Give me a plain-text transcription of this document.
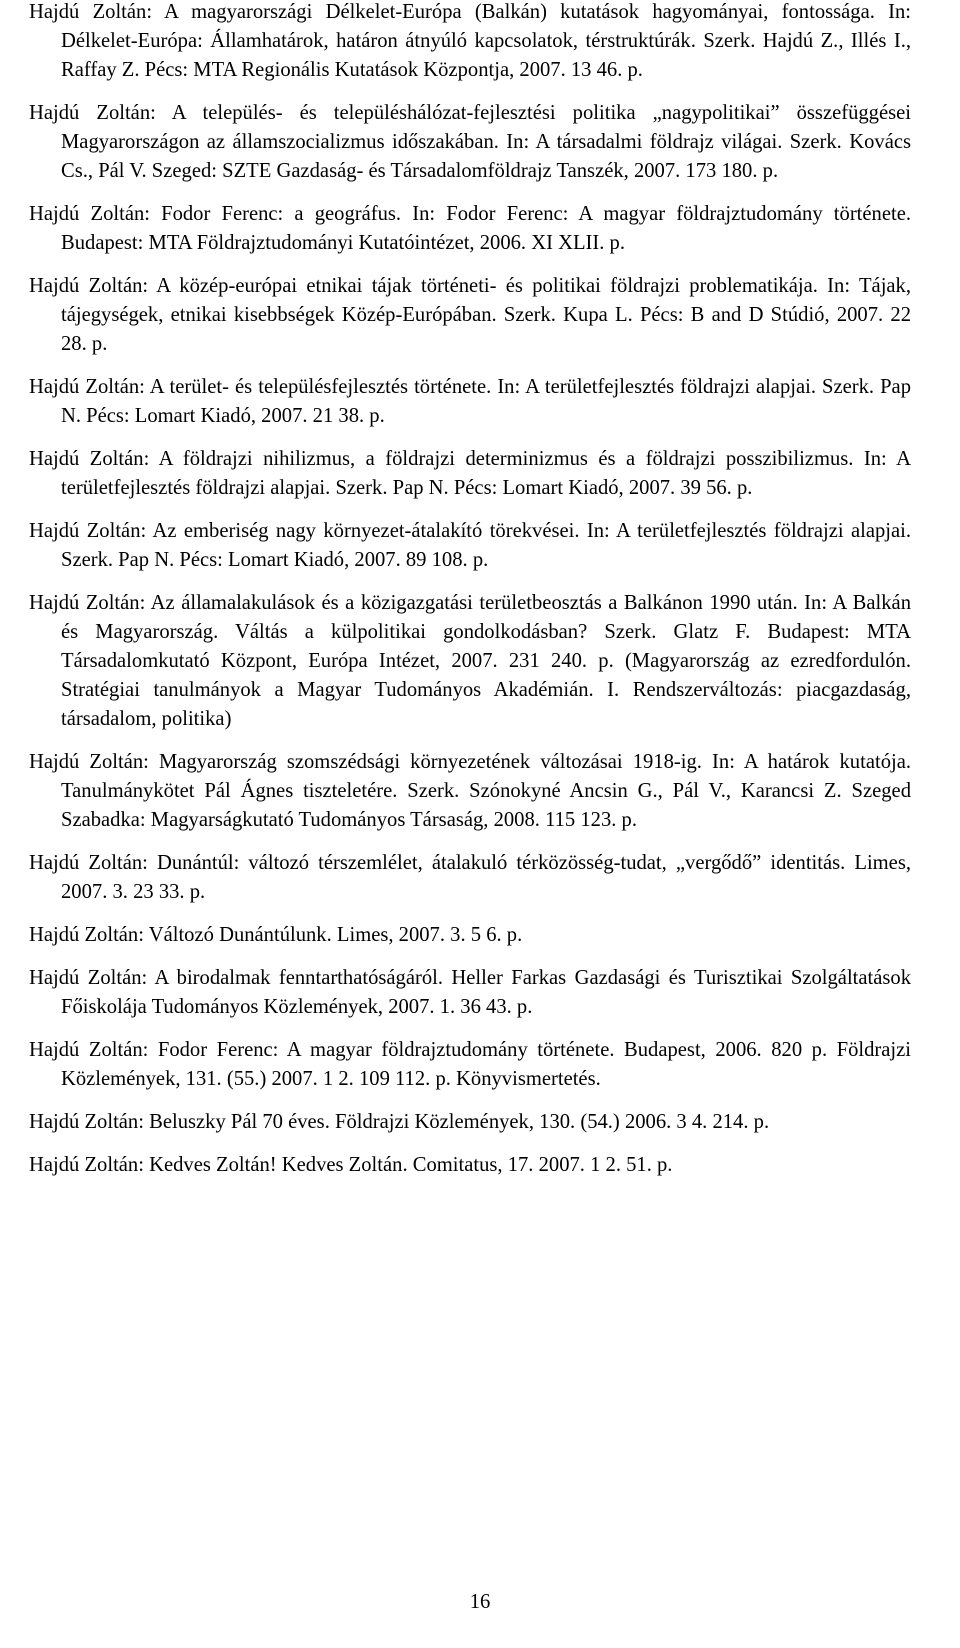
Hajdú Zoltán: A magyarországi Délkelet-Európa (Balkán) kutatások hagyományai, fontossága. In: Délkelet-Európa: Államhatárok, határon átnyúló kapcsolatok, térstruktúrák. Szerk. Hajdú Z., Illés I., Raffay Z. Pécs: MTA Regionális Kutatások Központja, 2007. 13 46. p.

Hajdú Zoltán: A település- és településhálózat-fejlesztési politika „nagypolitikai” összefüggései Magyarországon az államszocializmus időszakában. In: A társadalmi földrajz világai. Szerk. Kovács Cs., Pál V. Szeged: SZTE Gazdaság- és Társadalomföldrajz Tanszék, 2007. 173 180. p.

Hajdú Zoltán: Fodor Ferenc: a geográfus. In: Fodor Ferenc: A magyar földrajztudomány története. Budapest: MTA Földrajztudományi Kutatóintézet, 2006. XI XLII. p.

Hajdú Zoltán: A közép-európai etnikai tájak történeti- és politikai földrajzi problematikája. In: Tájak, tájegységek, etnikai kisebbségek Közép-Európában. Szerk. Kupa L. Pécs: B and D Stúdió, 2007. 22 28. p.

Hajdú Zoltán: A terület- és településfejlesztés története. In: A területfejlesztés földrajzi alapjai. Szerk. Pap N. Pécs: Lomart Kiadó, 2007. 21 38. p.

Hajdú Zoltán: A földrajzi nihilizmus, a földrajzi determinizmus és a földrajzi posszibilizmus. In: A területfejlesztés földrajzi alapjai. Szerk. Pap N. Pécs: Lomart Kiadó, 2007. 39 56. p.

Hajdú Zoltán: Az emberiség nagy környezet-átalakító törekvései. In: A területfejlesztés földrajzi alapjai. Szerk. Pap N. Pécs: Lomart Kiadó, 2007. 89 108. p.

Hajdú Zoltán: Az államalakulások és a közigazgatási területbeosztás a Balkánon 1990 után. In: A Balkán és Magyarország. Váltás a külpolitikai gondolkodásban? Szerk. Glatz F. Budapest: MTA Társadalomkutató Központ, Európa Intézet, 2007. 231 240. p. (Magyarország az ezredfordulón. Stratégiai tanulmányok a Magyar Tudományos Akadémián. I. Rendszerváltozás: piacgazdaság, társadalom, politika)

Hajdú Zoltán: Magyarország szomszédsági környezetének változásai 1918-ig. In: A határok kutatója. Tanulmánykötet Pál Ágnes tiszteletére. Szerk. Szónokyné Ancsin G., Pál V., Karancsi Z. Szeged Szabadka: Magyarságkutató Tudományos Társaság, 2008. 115 123. p.

Hajdú Zoltán: Dunántúl: változó térszemlélet, átalakuló térközösség-tudat, „vergődő” identitás. Limes, 2007. 3. 23 33. p.

Hajdú Zoltán: Változó Dunántúlunk. Limes, 2007. 3. 5 6. p.

Hajdú Zoltán: A birodalmak fenntarthatóságáról. Heller Farkas Gazdasági és Turisztikai Szolgáltatások Főiskolája Tudományos Közlemények, 2007. 1. 36 43. p.

Hajdú Zoltán: Fodor Ferenc: A magyar földrajztudomány története. Budapest, 2006. 820 p. Földrajzi Közlemények, 131. (55.) 2007. 1 2. 109 112. p. Könyvismertetés.

Hajdú Zoltán: Beluszky Pál 70 éves. Földrajzi Közlemények, 130. (54.) 2006. 3 4. 214. p.

Hajdú Zoltán: Kedves Zoltán! Kedves Zoltán. Comitatus, 17. 2007. 1 2. 51. p.

16
